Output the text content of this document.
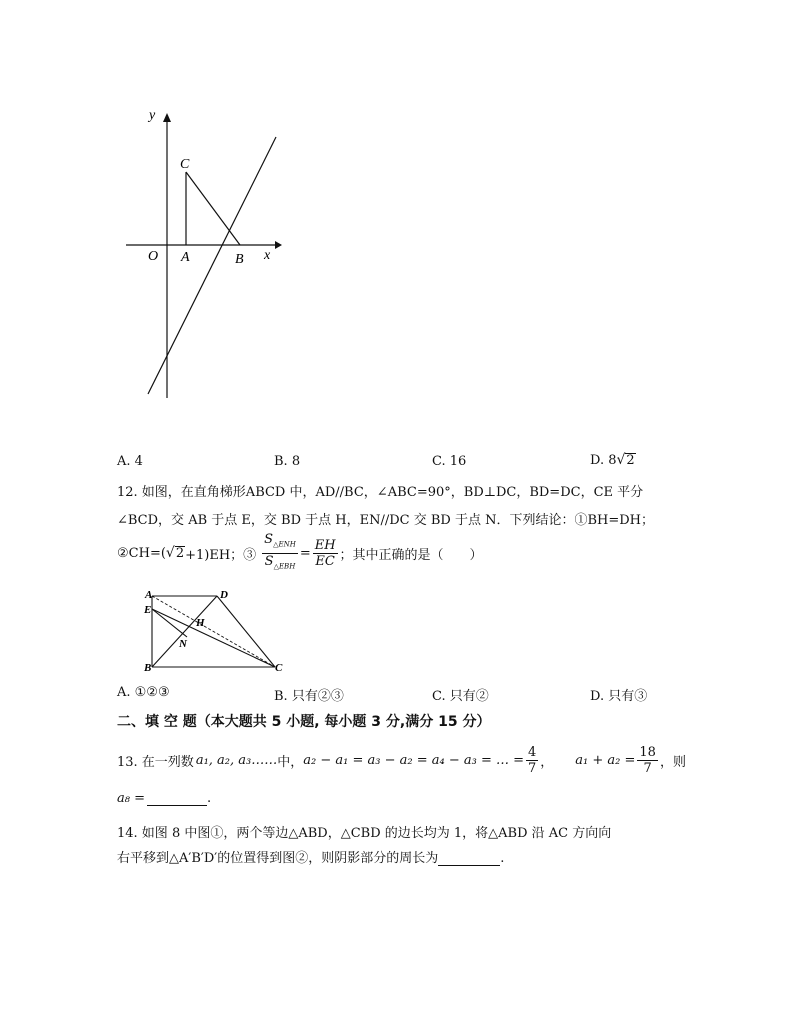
y
x
O A	B
C
A. 4	B. 8	C. 16	D. 8√2
12. 如图，在直角梯形ABCD 中，AD//BC，∠ABC=90°，BD⊥DC，BD=DC，CE 平分
∠BCD，交 AB 于点 E，交 BD 于点 H，EN//DC 交 BD 于点 N．下列结论：①BH=DH；
②CH=( √ 2 +1)EH；③ $\frac{S_{\triangle ENH}}{S_{\triangle EBH}} = \frac{EH}{EC}$ ；其中正确的是（　　）
A	D
E
H
N
B	C
A. ①②③	B. 只有②③	C. 只有②	D. 只有③
二、填 空 题（本大题共 5 小题, 每小题 3 分,满分 15 分）
13. 在一列数 a₁, a₂, a₃…… 中， a₂ − a₁ = a₃ − a₂ = a₄ − a₃ = … = $\frac{4}{7}$ ， $a_1 + a_2 = \frac{18}{7}$ ，则
a₈ =	.
14. 如图 8 中图①，两个等边△ABD，△CBD 的边长均为 1，将△ABD 沿 AC 方向向
右平移到△A′B′D′的位置得到图②，则阴影部分的周长为	.
